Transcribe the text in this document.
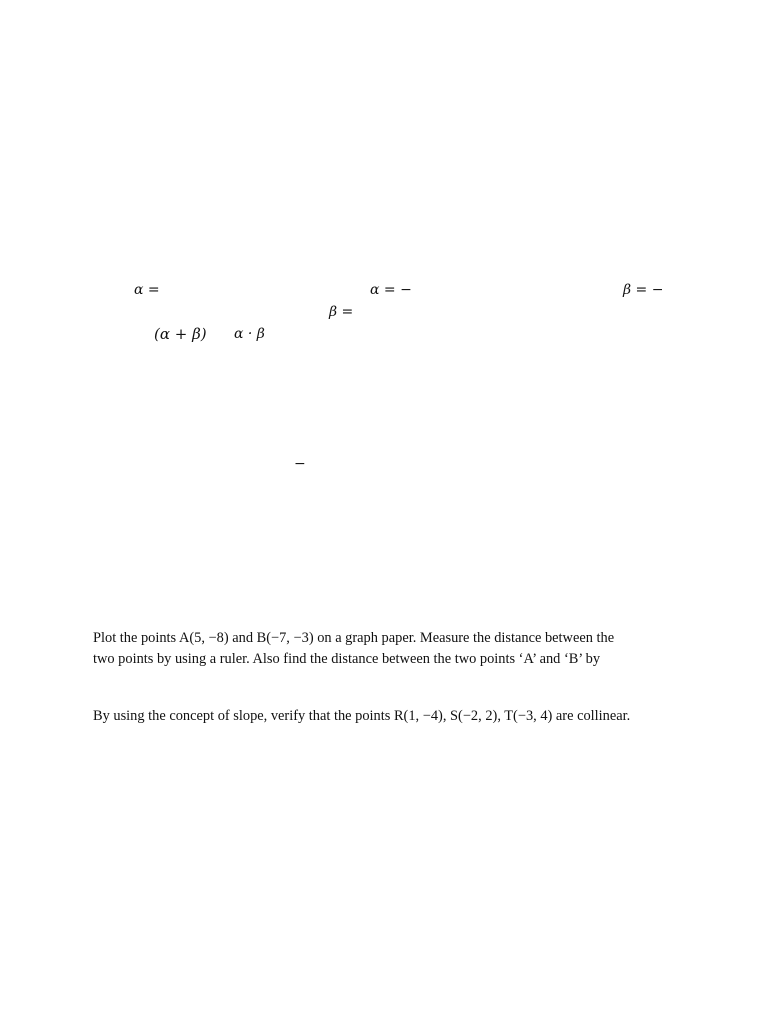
α =	α = −	β = −
β =
(α + β) α · β
−

Plot the points A(5, −8) and B(−7, −3) on a graph paper. Measure the distance between the

two points by using a ruler. Also find the distance between the two points ‘A’ and ‘B’ by

By using the concept of slope, verify that the points R(1, −4), S(−2, 2), T(−3, 4) are collinear.
